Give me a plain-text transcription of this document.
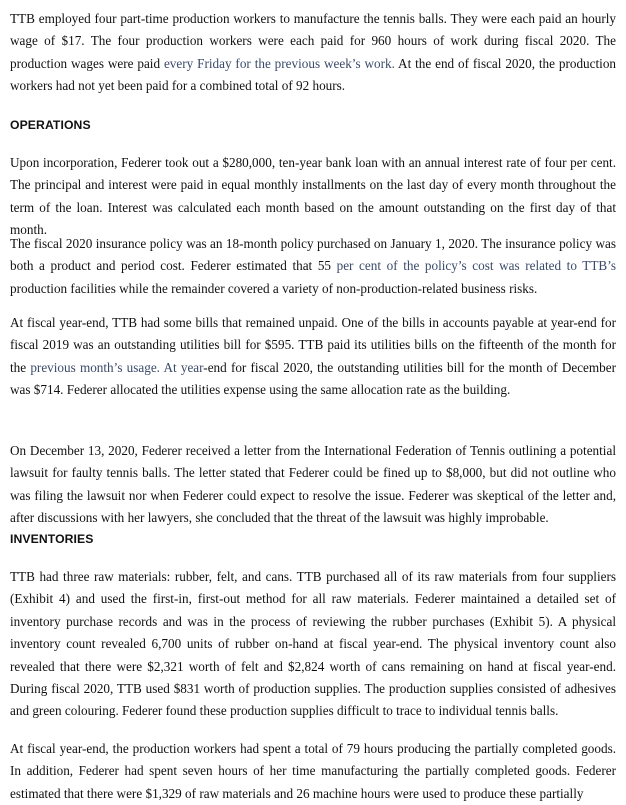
TTB employed four part-time production workers to manufacture the tennis balls. They were each paid an hourly wage of $17. The four production workers were each paid for 960 hours of work during fiscal 2020. The production wages were paid every Friday for the previous week’s work. At the end of fiscal 2020, the production workers had not yet been paid for a combined total of 92 hours.

OPERATIONS

Upon incorporation, Federer took out a $280,000, ten-year bank loan with an annual interest rate of four per cent. The principal and interest were paid in equal monthly installments on the last day of every month throughout the term of the loan. Interest was calculated each month based on the amount outstanding on the first day of that month.

The fiscal 2020 insurance policy was an 18-month policy purchased on January 1, 2020. The insurance policy was both a product and period cost. Federer estimated that 55 per cent of the policy’s cost was related to TTB’s production facilities while the remainder covered a variety of non-production-related business risks.

At fiscal year-end, TTB had some bills that remained unpaid. One of the bills in accounts payable at year-end for fiscal 2019 was an outstanding utilities bill for $595. TTB paid its utilities bills on the fifteenth of the month for the previous month’s usage. At year-end for fiscal 2020, the outstanding utilities bill for the month of December was $714. Federer allocated the utilities expense using the same allocation rate as the building.

On December 13, 2020, Federer received a letter from the International Federation of Tennis outlining a potential lawsuit for faulty tennis balls. The letter stated that Federer could be fined up to $8,000, but did not outline who was filing the lawsuit nor when Federer could expect to resolve the issue. Federer was skeptical of the letter and, after discussions with her lawyers, she concluded that the threat of the lawsuit was highly improbable.

INVENTORIES

TTB had three raw materials: rubber, felt, and cans. TTB purchased all of its raw materials from four suppliers (Exhibit 4) and used the first-in, first-out method for all raw materials. Federer maintained a detailed set of inventory purchase records and was in the process of reviewing the rubber purchases (Exhibit 5). A physical inventory count revealed 6,700 units of rubber on-hand at fiscal year-end. The physical inventory count also revealed that there were $2,321 worth of felt and $2,824 worth of cans remaining on hand at fiscal year-end. During fiscal 2020, TTB used $831 worth of production supplies. The production supplies consisted of adhesives and green colouring. Federer found these production supplies difficult to trace to individual tennis balls.

At fiscal year-end, the production workers had spent a total of 79 hours producing the partially completed goods. In addition, Federer had spent seven hours of her time manufacturing the partially completed goods. Federer estimated that there were $1,329 of raw materials and 26 machine hours were used to produce these partially
